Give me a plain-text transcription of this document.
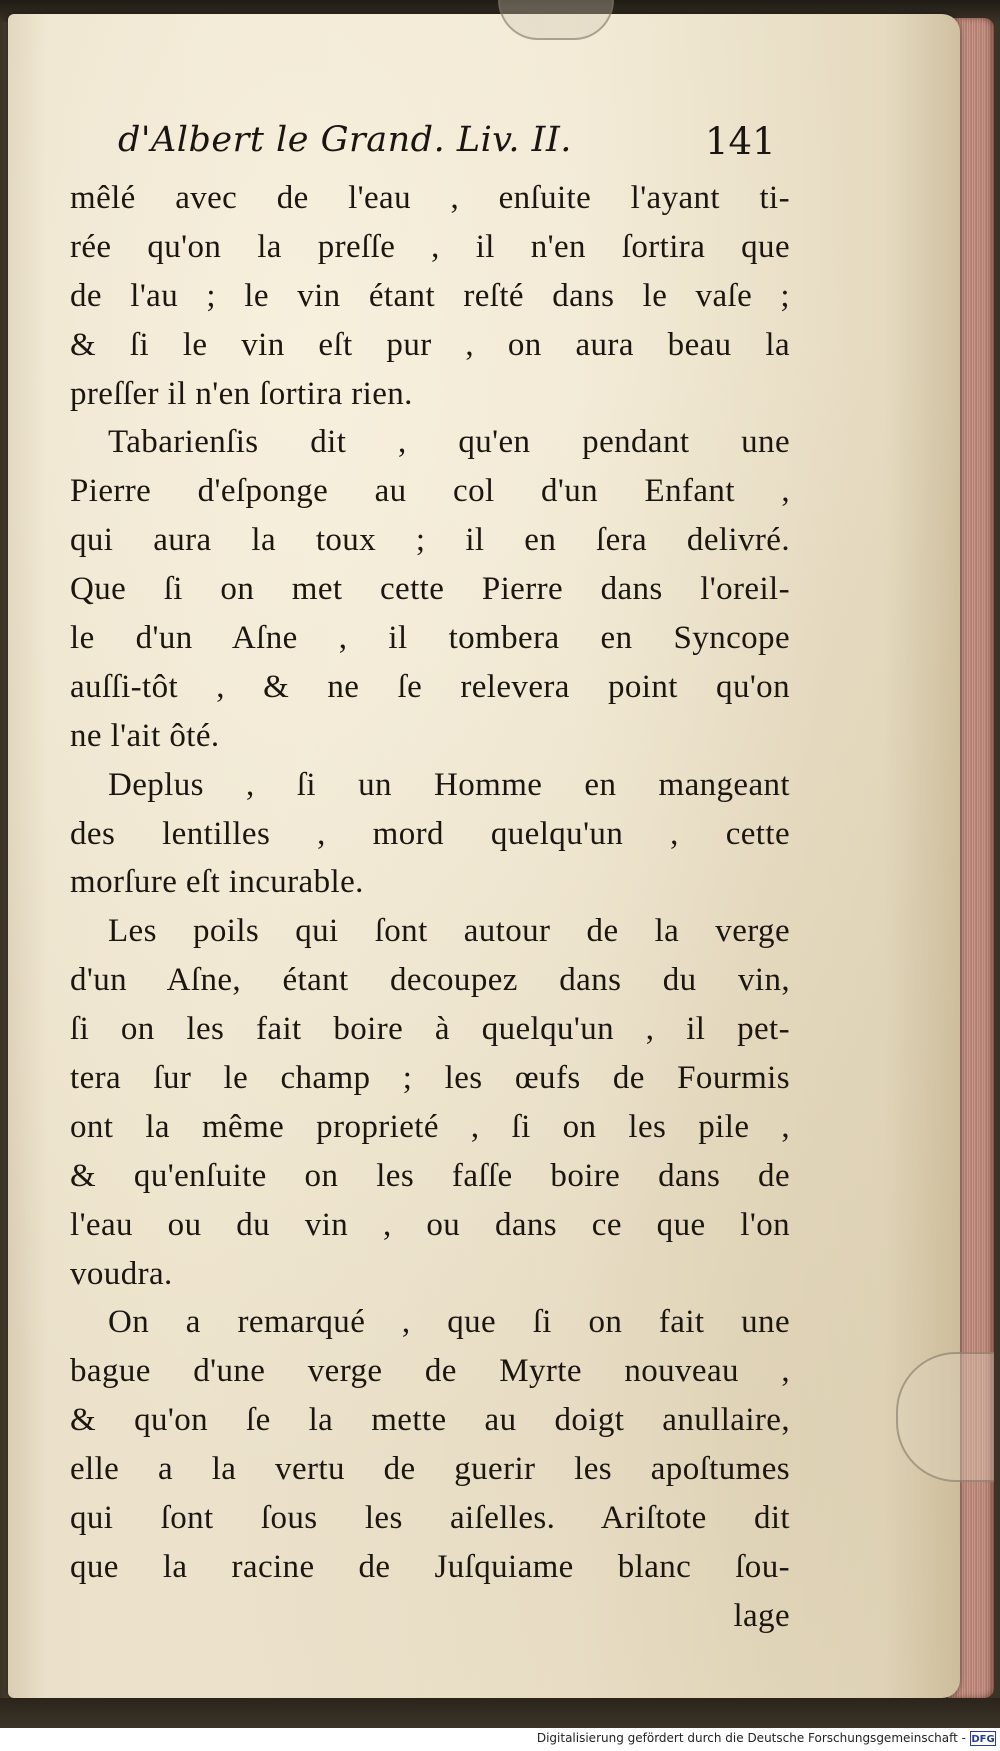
d'Albert le Grand. Liv. II.	141
mêlé avec de l'eau , enſuite l'ayant ti-
rée qu'on la preſſe , il n'en ſortira que
de l'au ; le vin étant reſté dans le vaſe ;
& ſi le vin eſt pur , on aura beau la
preſſer il n'en ſortira rien.
Tabarienſis dit , qu'en pendant une
Pierre d'eſponge au col d'un Enfant ,
qui aura la toux ; il en ſera delivré.
Que ſi on met cette Pierre dans l'oreil-
le d'un Aſne , il tombera en Syncope
auſſi-tôt , & ne ſe relevera point qu'on
ne l'ait ôté.
Deplus , ſi un Homme en mangeant
des lentilles , mord quelqu'un , cette
morſure eſt incurable.
Les poils qui ſont autour de la verge
d'un Aſne, étant decoupez dans du vin,
ſi on les fait boire à quelqu'un , il pet-
tera ſur le champ ; les œufs de Fourmis
ont la même proprieté , ſi on les pile ,
& qu'enſuite on les faſſe boire dans de
l'eau ou du vin , ou dans ce que l'on
voudra.
On a remarqué , que ſi on fait une
bague d'une verge de Myrte nouveau ,
& qu'on ſe la mette au doigt anullaire,
elle a la vertu de guerir les apoſtumes
qui ſont ſous les aiſelles. Ariſtote dit
que la racine de Juſquiame blanc ſou-
lage
Digitalisierung gefördert durch die Deutsche Forschungsgemeinschaft - DFG
